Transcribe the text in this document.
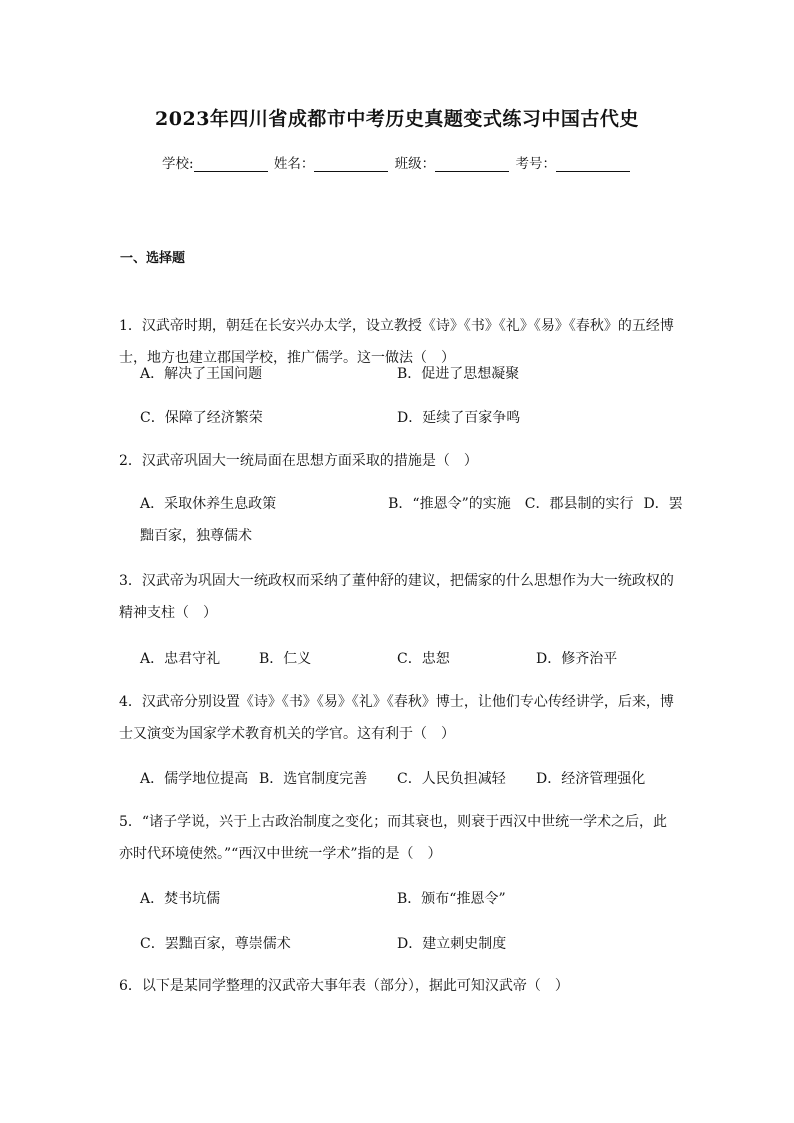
2023年四川省成都市中考历史真题变式练习中国古代史
学校:	姓名：	班级：	考号：
一、选择题
1．汉武帝时期，朝廷在长安兴办太学，设立教授《诗》《书》《礼》《易》《春秋》的五经博士，地方也建立郡国学校，推广儒学。这一做法（　）
A．解决了王国问题	B．促进了思想凝聚
C．保障了经济繁荣	D．延续了百家争鸣
2．汉武帝巩固大一统局面在思想方面采取的措施是（　）
A．采取休养生息政策	B．“推恩令”的实施 C．郡县制的实行 D．罢黜百家，独尊儒术
3．汉武帝为巩固大一统政权而采纳了董仲舒的建议，把儒家的什么思想作为大一统政权的精神支柱（　）
A．忠君守礼	B．仁义	C．忠恕	D．修齐治平
4．汉武帝分别设置《诗》《书》《易》《礼》《春秋》博士，让他们专心传经讲学，后来，博士又演变为国家学术教育机关的学官。这有利于（　）
A．儒学地位提高 B．选官制度完善 C．人民负担减轻 D．经济管理强化
5．“诸子学说，兴于上古政治制度之变化；而其衰也，则衰于西汉中世统一学术之后，此亦时代环境使然。”“西汉中世统一学术”指的是（　）
A．焚书坑儒	B．颁布“推恩令”
C．罢黜百家，尊崇儒术	D．建立刺史制度
6．以下是某同学整理的汉武帝大事年表（部分），据此可知汉武帝（　）
